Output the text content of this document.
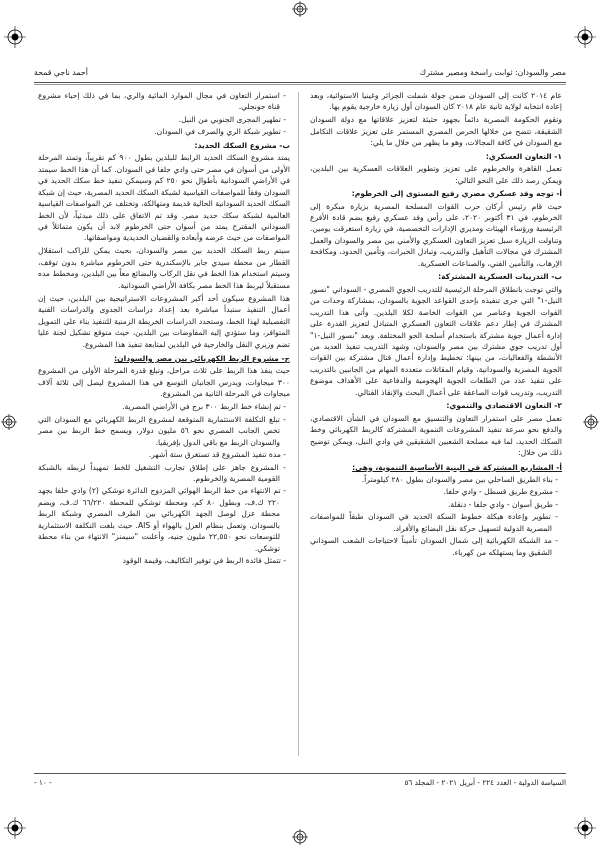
مصر والسودان: ثوابت راسخة ومصير مشترك
أحمد ناجي قمحة

عام ٢٠١٤ كانت إلى السودان ضمن جولة شملت الجزائر وغينيا الاستوائية، وبعد إعادة انتخابه لولاية ثانية عام ٢٠١٨ كان السودان أول زيارة خارجية يقوم بها.

وتقوم الحكومة المصرية دائماً بجهود حثيثة لتعزيز علاقاتها مع دولة السودان الشقيقة، تتضح من خلالها الحرص المصري المستمر على تعزيز علاقات التكامل مع السودان في كافة المجالات، وهو ما يظهر من خلال ما يلي:

١- التعاون العسكري:

تعمل القاهرة والخرطوم على تعزيز وتطوير العلاقات العسكرية بين البلدين، ويمكن رصد ذلك على النحو التالي:

أ- توجه وفد عسكري مصري رفيع المستوى إلى الخرطوم:

حيث قام رئيس أركان حرب القوات المسلحة المصرية بزيارة مبكرة إلى الخرطوم، في ٣١ أكتوبر ٢٠٢٠، على رأس وفد عسكري رفيع يضم قادة الأفرع الرئيسية ورؤساء الهيئات ومديري الإدارات التخصصية، في زيارة استغرقت يومين. وتناولت الزيارة سبل تعزيز التعاون العسكري والأمني بين مصر والسودان والعمل المشترك في مجالات التأهيل والتدريب، وتبادل الخبرات، وتأمين الحدود، ومكافحة الإرهاب، والتأمين الفني، والصناعات العسكرية.

ب- التدريبات العسكرية المشتركة:

والتي توجت بانطلاق المرحلة الرئيسية للتدريب الجوي المصري - السوداني "نسور النيل-١" التي جرى تنفيذه بإحدى القواعد الجوية بالسودان، بمشاركة وحدات من القوات الجوية وعناصر من القوات الخاصة لكلا البلدين. وأتى هذا التدريب المشترك في إطار دعم علاقات التعاون العسكري المتبادل لتعزيز القدرة على إدارة أعمال جوية مشتركة باستخدام أسلحة الجو المختلفة. ويعد "نسور النيل-١" أول تدريب جوي مشترك بين مصر والسودان، وشهد التدريب تنفيذ العديد من الأنشطة والفعاليات، من بينها: تخطيط وإدارة أعمال قتال مشتركة بين القوات الجوية المصرية والسودانية، وقيام المقاتلات متعددة المهام من الجانبين بالتدريب على تنفيذ عدد من الطلعات الجوية الهجومية والدفاعية على الأهداف موضوع التدريب، وتدريب قوات الصاعقة على أعمال البحث والإنقاذ القتالي.

٢- التعاون الاقتصادي والتنموي:

تعمل مصر على استمرار التعاون والتنسيق مع السودان في الشأن الاقتصادي، والدفع نحو سرعة تنفيذ المشروعات التنموية المشتركة كالربط الكهربائي وخط السكك الحديد، لما فيه مصلحة الشعبين الشقيقين في وادي النيل، ويمكن توضيح ذلك من خلال:

أ- المشاريع المشتركة في البنية الأساسية التنموية، وهي:

- بناء الطريق الساحلي بين مصر والسودان بطول ٢٨٠ كيلومتراً.

- مشروع طريق قسطل - وادي حلفا.

- طريق أسوان - وادي حلفا - دنقلة.

- تطوير وإعادة هيكلة خطوط السكة الحديد في السودان طبقاً للمواصفات المصرية الدولية لتسهيل حركة نقل البضائع والأفراد.

- مد الشبكة الكهربائية إلى شمال السودان تأميناً لاحتياجات الشعب السوداني الشقيق وما يستهلكه من كهرباء.

- استمرار التعاون في مجال الموارد المائية والري، بما في ذلك إحياء مشروع قناة جونجلي.

- تطهير المجرى الجنوبي من النيل.

- تطوير شبكة الري والصرف في السودان.

ب- مشروع السكك الحديد:

يمتد مشروع السكك الحديد الرابط للبلدين بطول ٩٠٠ كم تقريباً، وتمتد المرحلة الأولى من أسوان في مصر حتى وادي حلفا في السودان. كما أن هذا الخط سيمتد في الأراضي السودانية بأطوال نحو ٢٥٠ كم وسيمكن تنفيذ خط سكك الحديد في السودان وفقاً للمواصفات القياسية لشبكة السكك الحديد المصرية، حيث إن شبكة السكك الحديد السودانية الحالية قديمة ومتهالكة، وتختلف عن المواصفات القياسية العالمية لشبكة سكك حديد مصر. وقد تم الاتفاق على ذلك مبدئياً، لأن الخط السوداني المقترح يمتد من أسوان حتى الخرطوم لابد أن يكون متماثلاً في المواصفات من حيث عرضه وأبعاده والقضبان الحديدية ومواصفاتها.

سيتم ربط السكك الحديد بين مصر والسودان، بحيث يمكن للراكب استقلال القطار من محطة سيدي جابر بالإسكندرية حتى الخرطوم مباشرة بدون توقف، وسيتم استخدام هذا الخط في نقل الركاب والبضائع معاً بين البلدين، ومخطط مده مستقبلاً ليربط هذا الخط مصر بكافة الأراضي السودانية.

هذا المشروع سيكون أحد أكبر المشروعات الاستراتيجية بين البلدين، حيث إن أعمال التنفيذ ستبدأ مباشرة بعد إعداد دراسات الجدوى والدراسات الفنية التفصيلية لهذا الخط، وستحدد الدراسات الخريطة الزمنية للتنفيذ بناء على التمويل المتوافر، وما ستؤدي إليه المفاوضات بين البلدين، حيث متوقع تشكيل لجنة عليا تضم وزيري النقل والخارجية في البلدين لمتابعة تنفيذ هذا المشروع.

ج- مشروع الربط الكهربائي بين مصر والسودان:

حيث ينفذ هذا الربط على ثلاث مراحل، وتبلغ قدرة المرحلة الأولى من المشروع ٣٠٠ ميجاوات، ويدرس الجانبان التوسع في هذا المشروع ليصل إلى ثلاثة آلاف ميجاوات في المرحلة الثانية من المشروع.

- تم إنشاء خط الربط ٣٠٠ برج في الأراضي المصرية.

- تبلغ التكلفة الاستثمارية المتوقعة لمشروع الربط الكهربائي مع السودان التي تخص الجانب المصري نحو ٥٦ مليون دولار، ويسمح خط الربط بين مصر والسودان الربط مع باقي الدول بإفريقيا.

- مدة تنفيذ المشروع قد تستغرق ستة أشهر.

- المشروع جاهز على إطلاق تجارب التشغيل للخط تمهيداً لربطه بالشبكة القومية المصرية والخرطوم.

- تم الانتهاء من خط الربط الهوائي المزدوج الدائرة توشكي (٢) وادي حلفا بجهد ٢٢٠ ك.ف، وبطول ٨٠ كم، ومحطة توشكي للمحطة ٦٦/٢٢٠ ك.ف، ويضم محطة عزل لوصل الجهد الكهربائي بين الطرف المصري وشبكة الربط بالسودان، وتعمل بنظام العزل بالهواء أو AIS. حيث بلغت التكلفة الاستثمارية للتوسعات نحو ٢٢,٥٥٠ مليون جنيه، وأعلنت "سيمنز" الانتهاء من بناء محطة توشكي.

- تتمثل فائدة الربط في توفير التكاليف، وقيمة الوقود

السياسة الدولية - العدد ٢٢٤ - أبريل ٢٠٢١ - المجلد ٥٦
- ١٠ -
